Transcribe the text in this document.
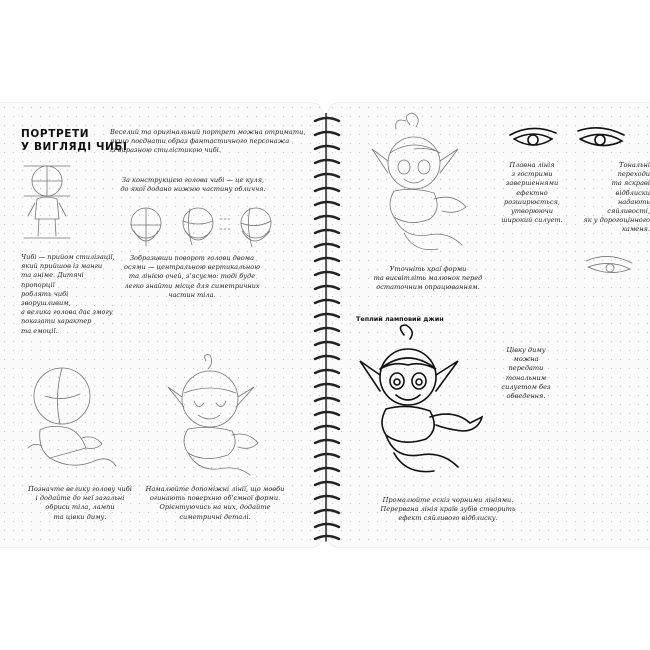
ПОРТРЕТИ
У ВИГЛЯДІ ЧИБІ
Веселий та оригінальний портрет можна отримати,
якщо поєднати образ фантастичного персонажа
із виразною стилістикою чибі.
За конструкцією голова чибі — це куля,
до якої додано нижню частину обличчя.
Чибі — прийом стилізації,
який прийшов із манги
та аніме. Дитячі пропорції
роблять чибі зворушливим,
а велика голова дає змогу
показати характер
та емоції.
Зобразивши поворот голови двома
осями — центральною вертикальною
та лінією очей, з'ясуємо: тоді буде
легко знайти місце для симетричних
частин тіла.
Позначте велику голову чибі
і додайте до неї загальні
обриси тіла, лампи
та цівки диму.
Намалюйте допоміжні лінії, що мовби
огинають поверхню об'ємної форми.
Орієнтуючись на них, додайте
симетричні деталі.
Уточніть краї форми
та висвітліть малюнок перед
остаточним опрацюванням.
Плавна лінія
з гострими
завершеннями
ефектно
розширюється,
утворюючи
широкий силует.
Тональні
переходи
та яскраві
відблиски
надають сяйливості,
як у дорогоцінного
каменя.
Теплий ламповий джин
Цівку диму
можна
передати
тональним
силуетом без
обведення.
Промалюйте ескіз чорними лініями.
Перервана лінія країв зубів створить
ефект сяйливого відблиску.
